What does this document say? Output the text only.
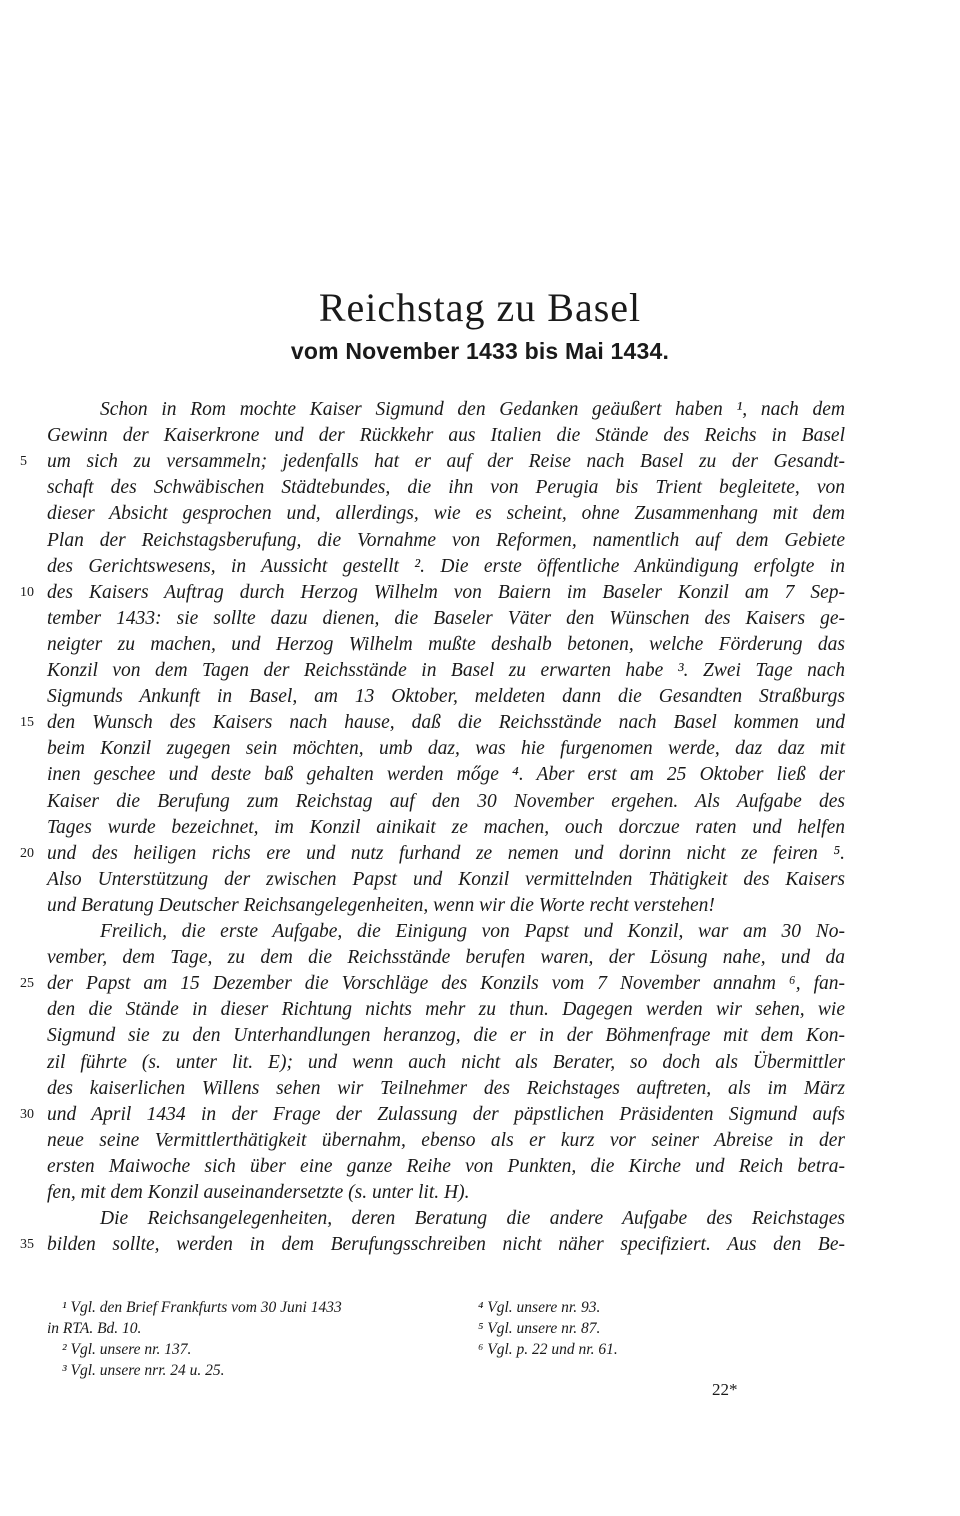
Reichstag zu Basel
vom November 1433 bis Mai 1434.
Schon in Rom mochte Kaiser Sigmund den Gedanken geäußert haben ¹, nach dem
Gewinn der Kaiserkrone und der Rückkehr aus Italien die Stände des Reichs in Basel
5	um sich zu versammeln; jedenfalls hat er auf der Reise nach Basel zu der Gesandt-
schaft des Schwäbischen Städtebundes, die ihn von Perugia bis Trient begleitete, von
dieser Absicht gesprochen und, allerdings, wie es scheint, ohne Zusammenhang mit dem
Plan der Reichstagsberufung, die Vornahme von Reformen, namentlich auf dem Gebiete
des Gerichtswesens, in Aussicht gestellt ². Die erste öffentliche Ankündigung erfolgte in
10 des Kaisers Auftrag durch Herzog Wilhelm von Baiern im Baseler Konzil am 7 Sep-
tember 1433: sie sollte dazu dienen, die Baseler Väter den Wünschen des Kaisers ge-
neigter zu machen, und Herzog Wilhelm mußte deshalb betonen, welche Förderung das
Konzil von dem Tagen der Reichsstände in Basel zu erwarten habe ³. Zwei Tage nach
Sigmunds Ankunft in Basel, am 13 Oktober, meldeten dann die Gesandten Straßburgs
15 den Wunsch des Kaisers nach hause, daß die Reichsstände nach Basel kommen und
beim Konzil zugegen sein möchten, umb daz, was hie furgenomen werde, daz daz mit
inen geschee und deste baß gehalten werden mőge ⁴. Aber erst am 25 Oktober ließ der
Kaiser die Berufung zum Reichstag auf den 30 November ergehen. Als Aufgabe des
Tages wurde bezeichnet, im Konzil ainikait ze machen, ouch dorczue raten und helfen
20 und des heiligen richs ere und nutz furhand ze nemen und dorinn nicht ze feiren ⁵.
Also Unterstützung der zwischen Papst und Konzil vermittelnden Thätigkeit des Kaisers
und Beratung Deutscher Reichsangelegenheiten, wenn wir die Worte recht verstehen!
Freilich, die erste Aufgabe, die Einigung von Papst und Konzil, war am 30 No-
vember, dem Tage, zu dem die Reichsstände berufen waren, der Lösung nahe, und da
25 der Papst am 15 Dezember die Vorschläge des Konzils vom 7 November annahm ⁶, fan-
den die Stände in dieser Richtung nichts mehr zu thun. Dagegen werden wir sehen, wie
Sigmund sie zu den Unterhandlungen heranzog, die er in der Böhmenfrage mit dem Kon-
zil führte (s. unter lit. E); und wenn auch nicht als Berater, so doch als Übermittler
des kaiserlichen Willens sehen wir Teilnehmer des Reichstages auftreten, als im März
30 und April 1434 in der Frage der Zulassung der päpstlichen Präsidenten Sigmund aufs
neue seine Vermittlerthätigkeit übernahm, ebenso als er kurz vor seiner Abreise in der
ersten Maiwoche sich über eine ganze Reihe von Punkten, die Kirche und Reich betra-
fen, mit dem Konzil auseinandersetzte (s. unter lit. H).
Die Reichsangelegenheiten, deren Beratung die andere Aufgabe des Reichstages
35 bilden sollte, werden in dem Berufungsschreiben nicht näher specifiziert. Aus den Be-
¹ Vgl. den Brief Frankfurts vom 30 Juni 1433
in RTA. Bd. 10.
² Vgl. unsere nr. 137.
³ Vgl. unsere nrr. 24 u. 25.
⁴ Vgl. unsere nr. 93.
⁵ Vgl. unsere nr. 87.
⁶ Vgl. p. 22 und nr. 61.
22*
